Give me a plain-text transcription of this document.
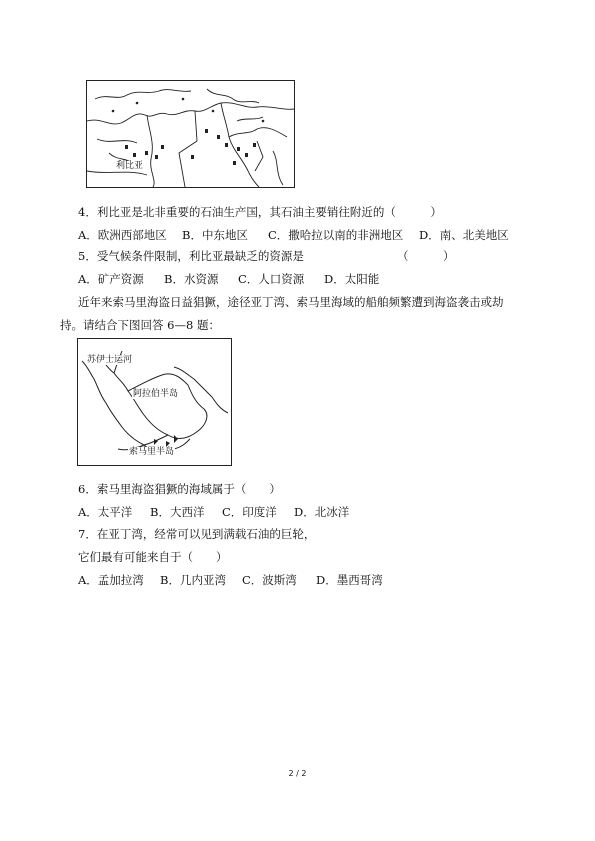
利比亚
4．利比亚是北非重要的石油生产国，其石油主要销往附近的（　　　）
A．欧洲西部地区 B．中东地区 C．撒哈拉以南的非洲地区 D．南、北美地区
5．受气候条件限制，利比亚最缺乏的资源是	（　　　）
A．矿产资源 B．水资源 C．人口资源 D．太阳能
近年来索马里海盗日益猖獗，途径亚丁湾、索马里海域的船舶频繁遭到海盗袭击或劫
持。请结合下图回答 6—8 题：
苏伊士运河
阿拉伯半岛
索马里半岛
6．索马里海盗猖獗的海域属于（　　）
A．太平洋 B．大西洋 C．印度洋 D．北冰洋
7．在亚丁湾，经常可以见到满载石油的巨轮，
它们最有可能来自于（　　）
A．孟加拉湾 B．几内亚湾 C．波斯湾 D．墨西哥湾
2 / 2
